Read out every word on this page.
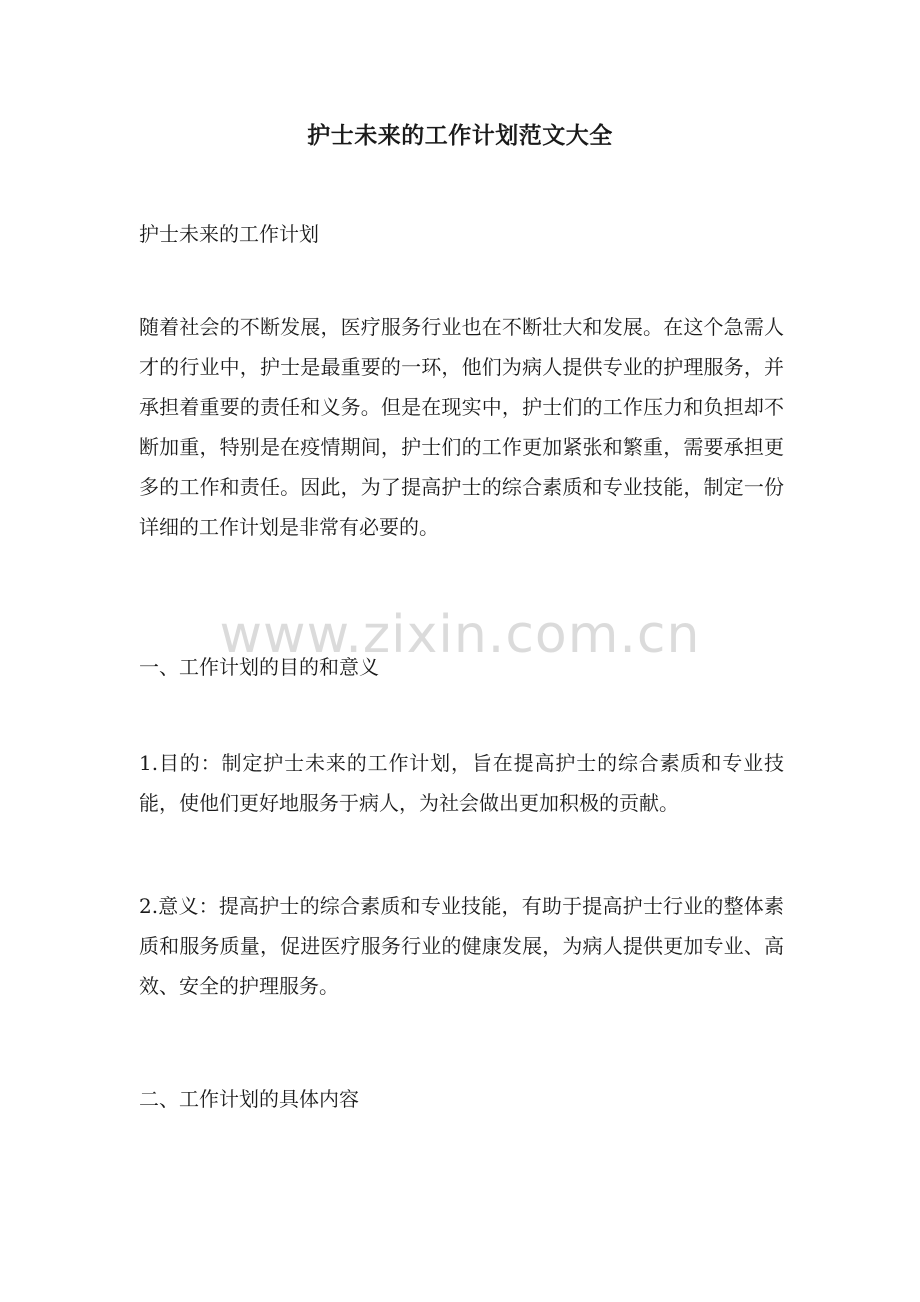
护士未来的工作计划范文大全

护士未来的工作计划

随着社会的不断发展，医疗服务行业也在不断壮大和发展。在这个急需人才的行业中，护士是最重要的一环，他们为病人提供专业的护理服务，并承担着重要的责任和义务。但是在现实中，护士们的工作压力和负担却不断加重，特别是在疫情期间，护士们的工作更加紧张和繁重，需要承担更多的工作和责任。因此，为了提高护士的综合素质和专业技能，制定一份详细的工作计划是非常有必要的。

一、工作计划的目的和意义

1.目的：制定护士未来的工作计划，旨在提高护士的综合素质和专业技能，使他们更好地服务于病人，为社会做出更加积极的贡献。

2.意义：提高护士的综合素质和专业技能，有助于提高护士行业的整体素质和服务质量，促进医疗服务行业的健康发展，为病人提供更加专业、高效、安全的护理服务。

二、工作计划的具体内容

www.zixin.com.cn
